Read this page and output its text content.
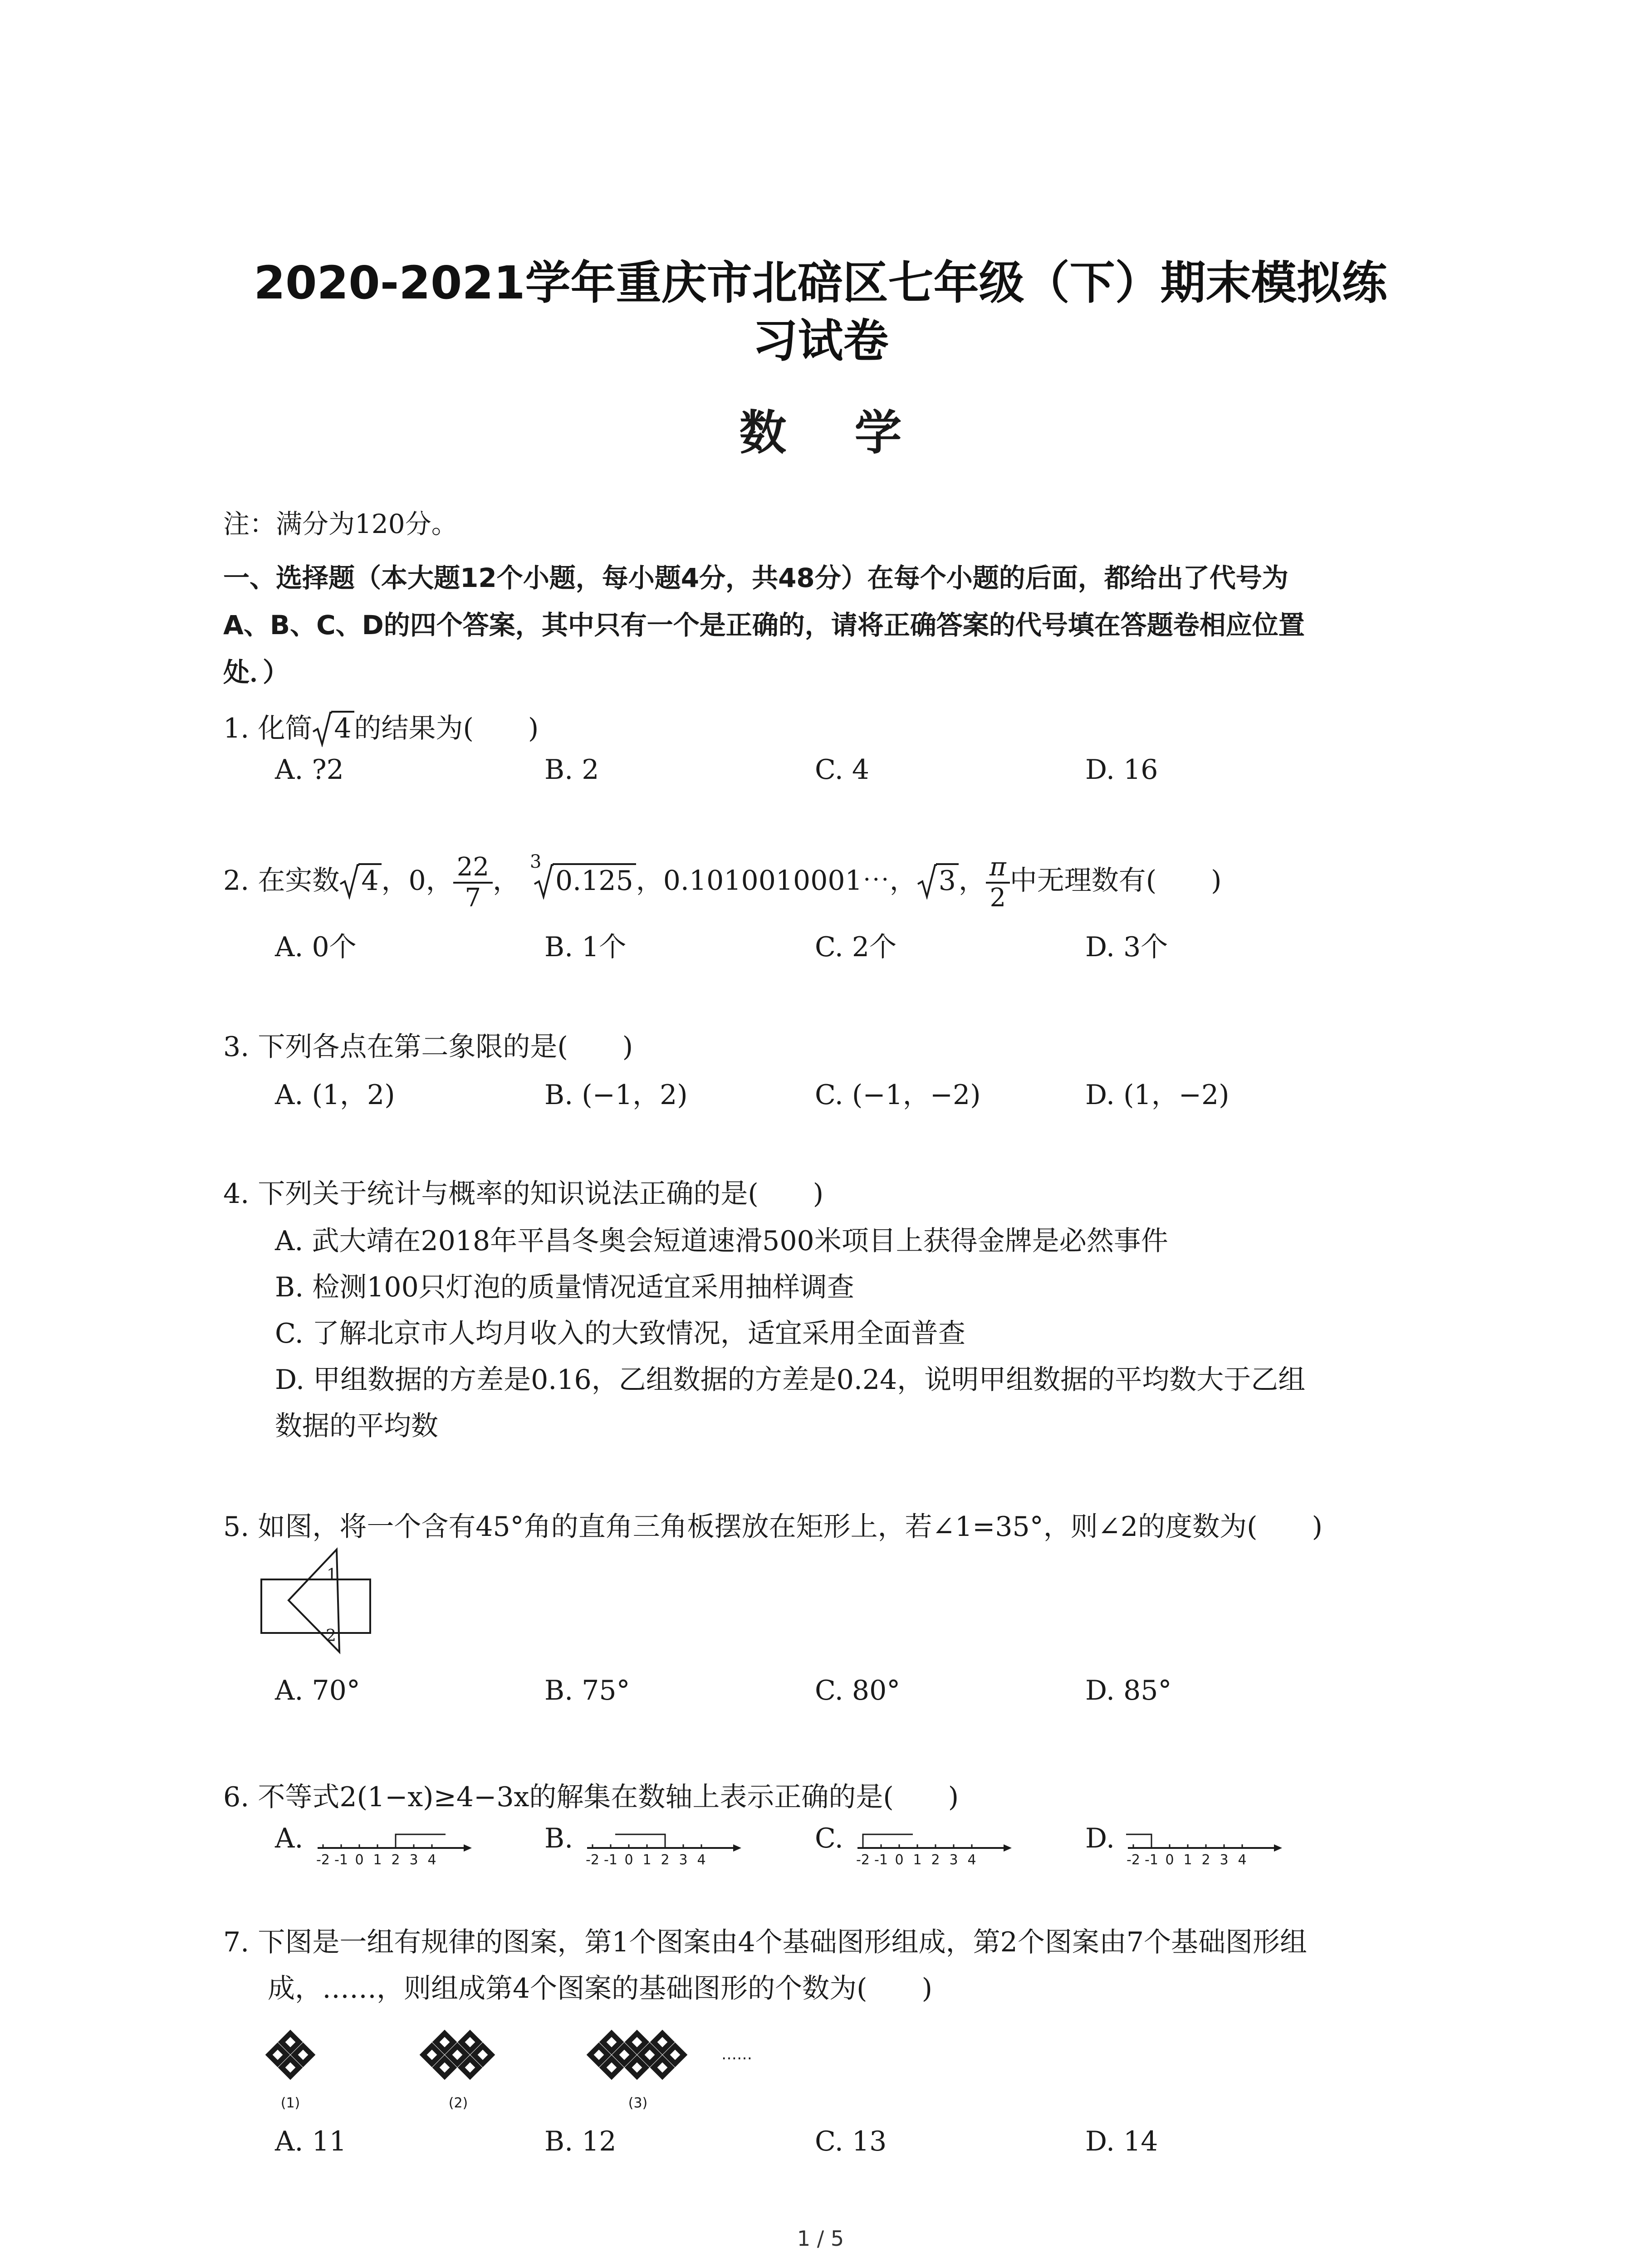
2020-2021学年重庆市北碚区七年级（下）期末模拟练
习试卷
数学
注：满分为120分。
一、选择题（本大题12个小题，每小题4分，共48分）在每个小题的后面，都给出了代号为
A、B、C、D的四个答案，其中只有一个是正确的，请将正确答案的代号填在答题卷相应位置
处．）
1. 化简 4 的结果为(　　)
A. ?2	B. 2	C. 4	D. 16
2. 在实数 4 ，0， $\frac{22}{7}$ ，
3
0.125 ，0.1010010001⋯， 3 ， $\frac{\pi}{2}$ 中无理数有(　　)
A. 0个	B. 1个	C. 2个	D. 3个
3. 下列各点在第二象限的是(　　)
A. (1，2)	B. (−1，2)	C. (−1，−2)	D. (1，−2)
4. 下列关于统计与概率的知识说法正确的是(　　)
A. 武大靖在2018年平昌冬奥会短道速滑500米项目上获得金牌是必然事件
B. 检测100只灯泡的质量情况适宜采用抽样调查
C. 了解北京市人均月收入的大致情况，适宜采用全面普查
D. 甲组数据的方差是0.16，乙组数据的方差是0.24，说明甲组数据的平均数大于乙组
数据的平均数
5. 如图，将一个含有45°角的直角三角板摆放在矩形上，若∠1=35°，则∠2的度数为(　　)
1
2
A. 70°	B. 75°	C. 80°	D. 85°
6. 不等式2(1−x)≥4−3x的解集在数轴上表示正确的是(　　)
A.
-2 -1 0 1 2 3 4
B.
-2 -1 0 1 2 3 4
C.
-2 -1 0 1 2 3 4
D.
-2 -1 0 1 2 3 4
7. 下图是一组有规律的图案，第1个图案由4个基础图形组成，第2个图案由7个基础图形组
成，……，则组成第4个图案的基础图形的个数为(　　)
(1)	(2)	(3)
……
A. 11	B. 12	C. 13	D. 14
1 / 5
